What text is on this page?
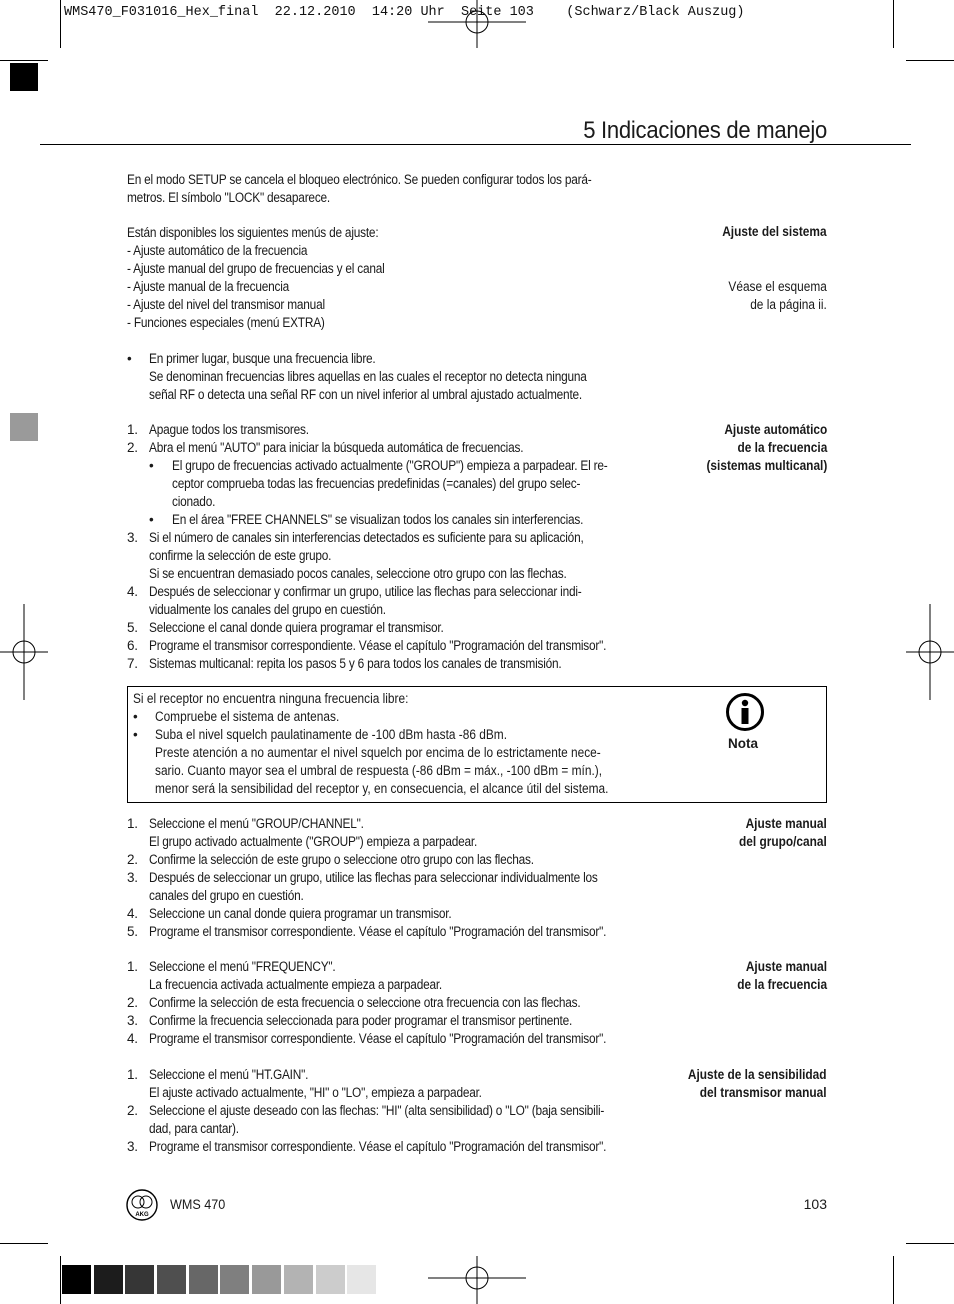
WMS470_F031016_Hex_final  22.12.2010  14:20 Uhr  Seite 103    (Schwarz/Black Auszug)
5 Indicaciones de manejo
En el modo SETUP se cancela el bloqueo electrónico. Se pueden configurar todos los pará-
metros. El símbolo "LOCK" desaparece.
Están disponibles los siguientes menús de ajuste:
- Ajuste automático de la frecuencia
- Ajuste manual del grupo de frecuencias y el canal
- Ajuste manual de la frecuencia
- Ajuste del nivel del transmisor manual
- Funciones especiales (menú EXTRA)
• En primer lugar, busque una frecuencia libre.
Se denominan frecuencias libres aquellas en las cuales el receptor no detecta ninguna
señal RF o detecta una señal RF con un nivel inferior al umbral ajustado actualmente.
1. Apague todos los transmisores.
2. Abra el menú "AUTO" para iniciar la búsqueda automática de frecuencias.
• El grupo de frecuencias activado actualmente ("GROUP") empieza a parpadear. El re-
ceptor comprueba todas las frecuencias predefinidas (=canales) del grupo selec-
cionado.
• En el área "FREE CHANNELS" se visualizan todos los canales sin interferencias.
3. Si el número de canales sin interferencias detectados es suficiente para su aplicación,
confirme la selección de este grupo.
Si se encuentran demasiado pocos canales, seleccione otro grupo con las flechas.
4. Después de seleccionar y confirmar un grupo, utilice las flechas para seleccionar indi-
vidualmente los canales del grupo en cuestión.
5. Seleccione el canal donde quiera programar el transmisor.
6. Programe el transmisor correspondiente. Véase el capítulo "Programación del transmisor".
7. Sistemas multicanal: repita los pasos 5 y 6 para todos los canales de transmisión.
Si el receptor no encuentra ninguna frecuencia libre:
• Compruebe el sistema de antenas.
• Suba el nivel squelch paulatinamente de -100 dBm hasta -86 dBm.
Preste atención a no aumentar el nivel squelch por encima de lo estrictamente nece-
sario. Cuanto mayor sea el umbral de respuesta (-86 dBm = máx., -100 dBm = mín.),
menor será la sensibilidad del receptor y, en consecuencia, el alcance útil del sistema.
Nota
1. Seleccione el menú "GROUP/CHANNEL".
El grupo activado actualmente ("GROUP") empieza a parpadear.
2. Confirme la selección de este grupo o seleccione otro grupo con las flechas.
3. Después de seleccionar un grupo, utilice las flechas para seleccionar individualmente los
canales del grupo en cuestión.
4. Seleccione un canal donde quiera programar un transmisor.
5. Programe el transmisor correspondiente. Véase el capítulo "Programación del transmisor".
1. Seleccione el menú "FREQUENCY".
La frecuencia activada actualmente empieza a parpadear.
2. Confirme la selección de esta frecuencia o seleccione otra frecuencia con las flechas.
3. Confirme la frecuencia seleccionada para poder programar el transmisor pertinente.
4. Programe el transmisor correspondiente. Véase el capítulo "Programación del transmisor".
1. Seleccione el menú "HT.GAIN".
El ajuste activado actualmente, "HI" o "LO", empieza a parpadear.
2. Seleccione el ajuste deseado con las flechas: "HI" (alta sensibilidad) o "LO" (baja sensibili-
dad, para cantar).
3. Programe el transmisor correspondiente. Véase el capítulo "Programación del transmisor".
Ajuste del sistema
Véase el esquema
de la página ii.
Ajuste automático
de la frecuencia
(sistemas multicanal)
Ajuste manual
del grupo/canal
Ajuste manual
de la frecuencia
Ajuste de la sensibilidad
del transmisor manual
AKG
WMS 470	103
